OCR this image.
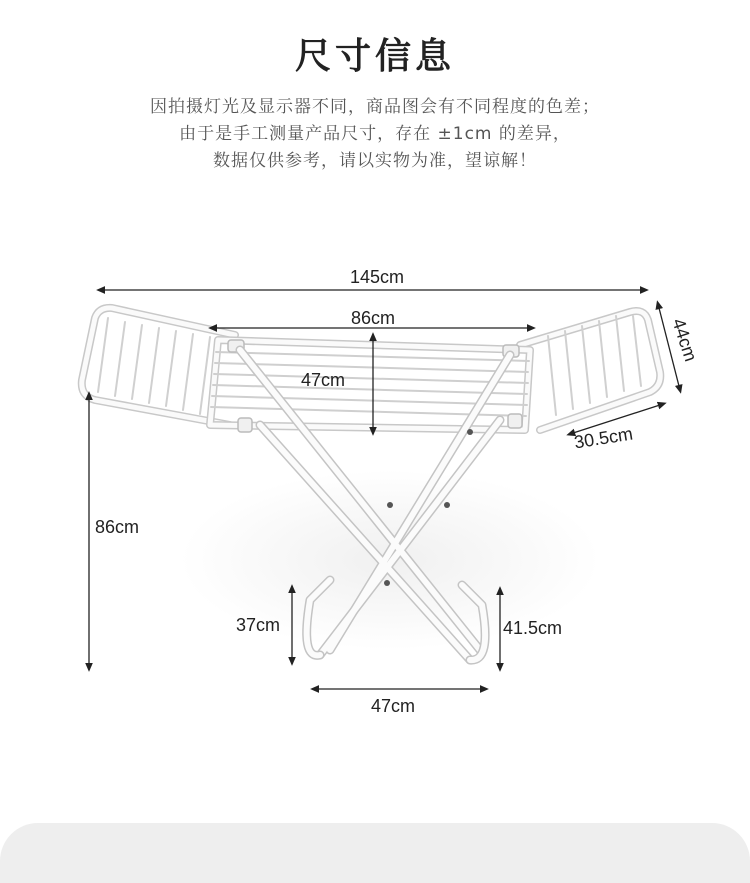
尺寸信息
因拍摄灯光及显示器不同，商品图会有不同程度的色差；
由于是手工测量产品尺寸，存在 ±1cm 的差异，
数据仅供参考，请以实物为准，望谅解！
145cm
86cm
47cm
44cm
30.5cm
86cm
37cm	41.5cm
47cm
